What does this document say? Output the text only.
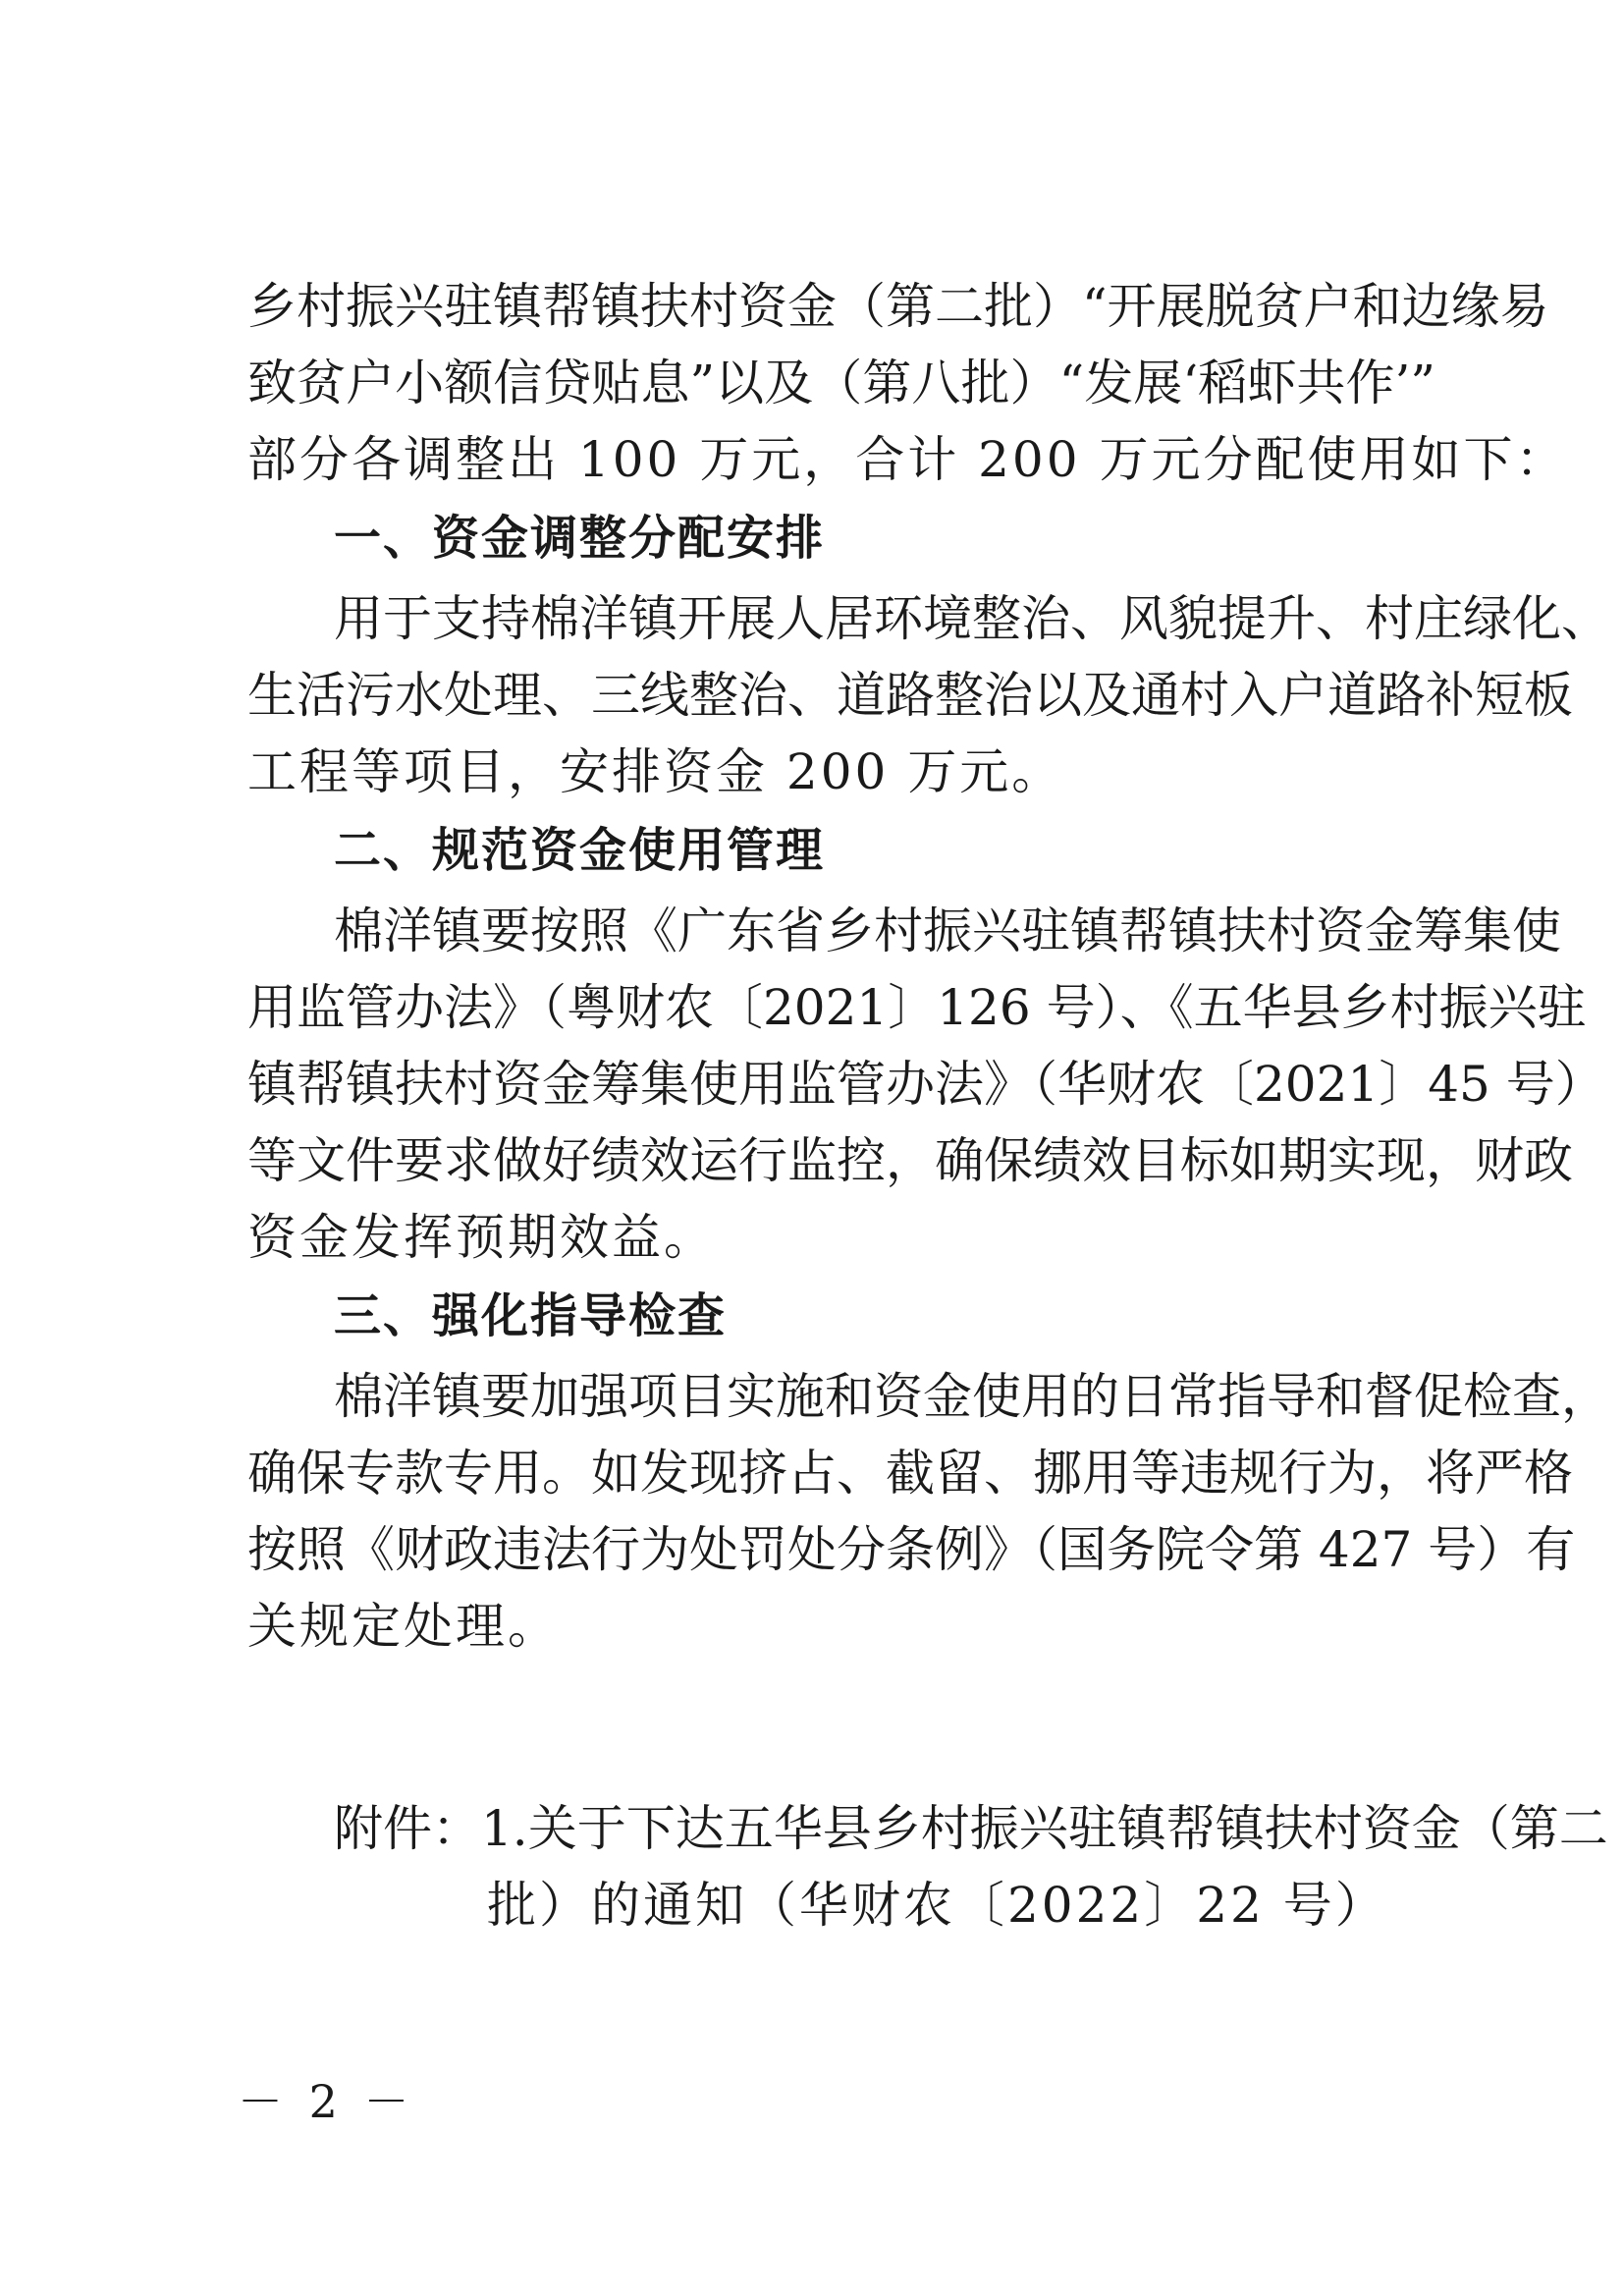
乡村振兴驻镇帮镇扶村资金（第二批）“开展脱贫户和边缘易
致贫户小额信贷贴息”以及（第八批）“发展‘稻虾共作’”
部分各调整出 100 万元，合计 200 万元分配使用如下：
一、资金调整分配安排
用于支持棉洋镇开展人居环境整治、风貌提升、村庄绿化、
生活污水处理、三线整治、道路整治以及通村入户道路补短板
工程等项目，安排资金 200 万元。
二、规范资金使用管理
棉洋镇要按照《广东省乡村振兴驻镇帮镇扶村资金筹集使
用监管办法》（粤财农〔2021〕126 号）、《五华县乡村振兴驻
镇帮镇扶村资金筹集使用监管办法》（华财农〔2021〕45 号）
等文件要求做好绩效运行监控，确保绩效目标如期实现，财政
资金发挥预期效益。
三、强化指导检查
棉洋镇要加强项目实施和资金使用的日常指导和督促检查，
确保专款专用。如发现挤占、截留、挪用等违规行为，将严格
按照《财政违法行为处罚处分条例》（国务院令第 427 号）有
关规定处理。
附件：1.关于下达五华县乡村振兴驻镇帮镇扶村资金（第二
批）的通知（华财农〔2022〕22 号）
－ 2 －
